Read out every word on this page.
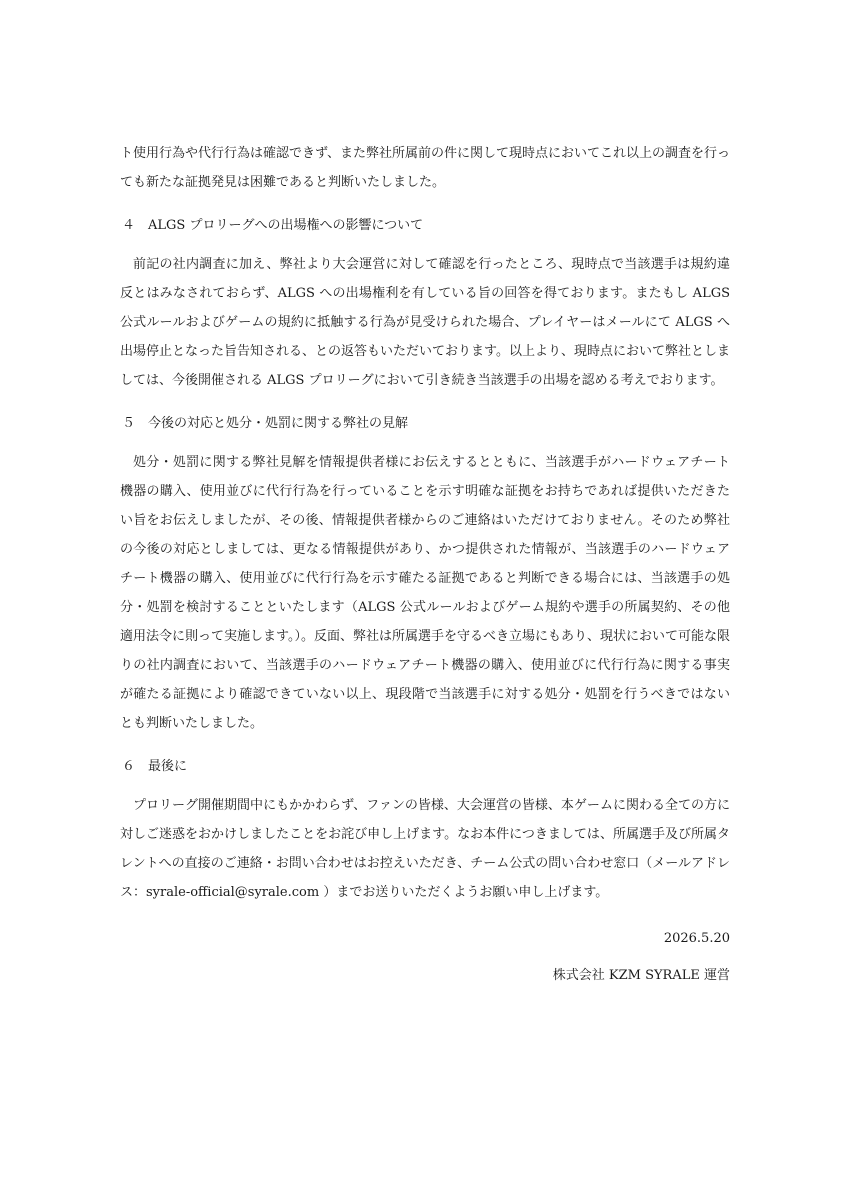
ト使用行為や代行行為は確認できず、また弊社所属前の件に関して現時点においてこれ以上の調査を行っても新たな証拠発見は困難であると判断いたしました。

４ ALGS プロリーグへの出場権への影響について

前記の社内調査に加え、弊社より大会運営に対して確認を行ったところ、現時点で当該選手は規約違反とはみなされておらず、ALGS への出場権利を有している旨の回答を得ております。またもし ALGS 公式ルールおよびゲームの規約に抵触する行為が見受けられた場合、プレイヤーはメールにて ALGS へ出場停止となった旨告知される、との返答もいただいております。以上より、現時点において弊社としましては、今後開催される ALGS プロリーグにおいて引き続き当該選手の出場を認める考えでおります。

５ 今後の対応と処分・処罰に関する弊社の見解

処分・処罰に関する弊社見解を情報提供者様にお伝えするとともに、当該選手がハードウェアチート機器の購入、使用並びに代行行為を行っていることを示す明確な証拠をお持ちであれば提供いただきたい旨をお伝えしましたが、その後、情報提供者様からのご連絡はいただけておりません。そのため弊社の今後の対応としましては、更なる情報提供があり、かつ提供された情報が、当該選手のハードウェアチート機器の購入、使用並びに代行行為を示す確たる証拠であると判断できる場合には、当該選手の処分・処罰を検討することといたします（ALGS 公式ルールおよびゲーム規約や選手の所属契約、その他適用法令に則って実施します。）。反面、弊社は所属選手を守るべき立場にもあり、現状において可能な限りの社内調査において、当該選手のハードウェアチート機器の購入、使用並びに代行行為に関する事実が確たる証拠により確認できていない以上、現段階で当該選手に対する処分・処罰を行うべきではないとも判断いたしました。

６ 最後に

プロリーグ開催期間中にもかかわらず、ファンの皆様、大会運営の皆様、本ゲームに関わる全ての方に対しご迷惑をおかけしましたことをお詫び申し上げます。なお本件につきましては、所属選手及び所属タレントへの直接のご連絡・お問い合わせはお控えいただき、チーム公式の問い合わせ窓口（メールアドレス：syrale-official@syrale.com ）までお送りいただくようお願い申し上げます。

2026.5.20
株式会社 KZM SYRALE 運営
